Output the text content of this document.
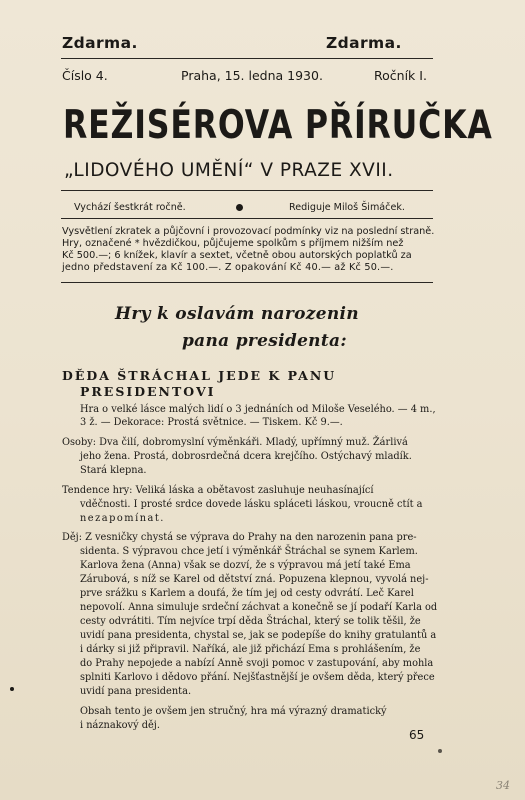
Zdarma.	Zdarma.
Číslo 4.	Praha, 15. ledna 1930.	Ročník I.
REŽISÉROVA PŘÍRUČKA
„LIDOVÉHO UMĚNÍ“ V PRAZE XVII.
Vychází šestkrát ročně.	Rediguje Miloš Šimáček.
Vysvětlení zkratek a půjčovní i provozovací podmínky viz na poslední straně.
Hry, označené * hvězdičkou, půjčujeme spolkům s příjmem nižším než
Kč 500.—; 6 knížek, klavír a sextet, včetně obou autorských poplatků za
jedno představení za Kč 100.—. Z opakování Kč 40.— až Kč 50.—.
Hry k oslavám narozenin
pana presidenta:
DĚDA ŠTRÁCHAL JEDE K PANU
PRESIDENTOVI
Hra o velké lásce malých lidí o 3 jednáních od Miloše Veselého. — 4 m.,
3 ž. — Dekorace: Prostá světnice. — Tiskem. Kč 9.—.
Osoby: Dva čilí, dobromyslní výměnkáři. Mladý, upřímný muž. Žárlivá
jeho žena. Prostá, dobrosrdečná dcera krejčího. Ostýchavý mladík.
Stará klepna.
Tendence hry: Veliká láska a obětavost zasluhuje neuhasínající
vděčnosti. I prosté srdce dovede lásku spláceti láskou, vroucně ctít a
nezapomínat.
Děj: Z vesničky chystá se výprava do Prahy na den narozenin pana pre-
sidenta. S výpravou chce jetí i výměnkář Štráchal se synem Karlem.
Karlova žena (Anna) však se dozví, že s výpravou má jetí také Ema
Zárubová, s níž se Karel od dětství zná. Popuzena klepnou, vyvolá nej-
prve srážku s Karlem a doufá, že tím jej od cesty odvrátí. Leč Karel
nepovolí. Anna simuluje srdeční záchvat a konečně se jí podaří Karla od
cesty odvrátiti. Tím nejvíce trpí děda Štráchal, který se tolik těšil, že
uvidí pana presidenta, chystal se, jak se podepíše do knihy gratulantů a
i dárky si již připravil. Naříká, ale již přichází Ema s prohlášením, že
do Prahy nepojede a nabízí Anně svoji pomoc v zastupování, aby mohla
splniti Karlovo i dědovo přání. Nejšťastnější je ovšem děda, který přece
uvidí pana presidenta.
Obsah tento je ovšem jen stručný, hra má výrazný dramatický
i náznakový děj.
65
34
